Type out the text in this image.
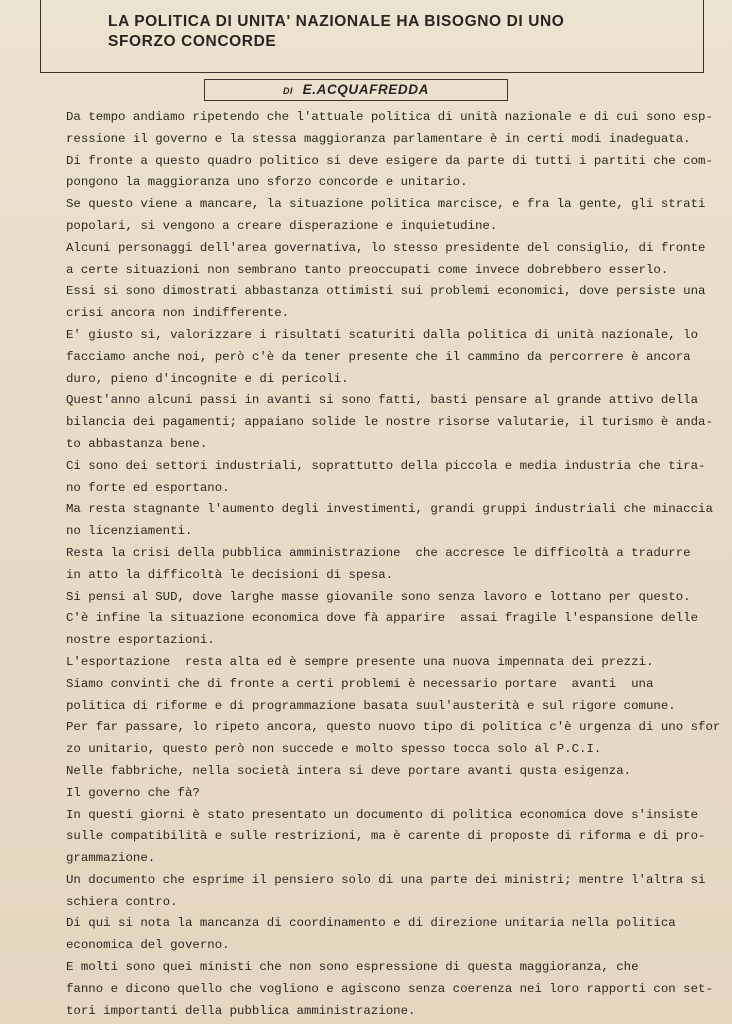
LA POLITICA DI UNITA' NAZIONALE HA BISOGNO DI UNO
SFORZO CONCORDE
DI E.ACQUAFREDDA
Da tempo andiamo ripetendo che l'attuale politica di unità nazionale e di cui sono esp-
ressione il governo e la stessa maggioranza parlamentare è in certi modi inadeguata.
Di fronte a questo quadro politico si deve esigere da parte di tutti i partiti che com-
pongono la maggioranza uno sforzo concorde e unitario.
Se questo viene a mancare, la situazione politica marcisce, e fra la gente, gli strati
popolari, si vengono a creare disperazione e inquietudine.
Alcuni personaggi dell'area governativa, lo stesso presidente del consiglio, di fronte
a certe situazioni non sembrano tanto preoccupati come invece dobrebbero esserlo.
Essi si sono dimostrati abbastanza ottimisti sui problemi economici, dove persiste una
crisi ancora non indifferente.
E' giusto si, valorizzare i risultati scaturiti dalla politica di unità nazionale, lo
facciamo anche noi, però c'è da tener presente che il cammino da percorrere è ancora
duro, pieno d'incognite e di pericoli.
Quest'anno alcuni passi in avanti si sono fatti, basti pensare al grande attivo della
bilancia dei pagamenti; appaiano solide le nostre risorse valutarie, il turismo è anda-
to abbastanza bene.
Ci sono dei settori industriali, soprattutto della piccola e media industria che tira-
no forte ed esportano.
Ma resta stagnante l'aumento degli investimenti, grandi gruppi industriali che minaccia
no licenziamenti.
Resta la crisi della pubblica amministrazione  che accresce le difficoltà a tradurre
in atto la difficoltà le decisioni di spesa.
Si pensi al SUD, dove larghe masse giovanile sono senza lavoro e lottano per questo.
C'è infine la situazione economica dove fà apparire  assai fragile l'espansione delle
nostre esportazioni.
L'esportazione  resta alta ed è sempre presente una nuova impennata dei prezzi.
Siamo convinti che di fronte a certi problemi è necessario portare  avanti  una
politica di riforme e di programmazione basata suul'austerità e sul rigore comune.
Per far passare, lo ripeto ancora, questo nuovo tipo di politica c'è urgenza di uno sfor
zo unitario, questo però non succede e molto spesso tocca solo al P.C.I.
Nelle fabbriche, nella società intera si deve portare avanti qusta esigenza.
Il governo che fà?
In questi giorni è stato presentato un documento di politica economica dove s'insiste
sulle compatibilità e sulle restrizioni, ma è carente di proposte di riforma e di pro-
grammazione.
Un documento che esprime il pensiero solo di una parte dei ministri; mentre l'altra si
schiera contro.
Di qui si nota la mancanza di coordinamento e di direzione unitaria nella politica
economica del governo.
E molti sono quei ministi che non sono espressione di questa maggioranza, che
fanno e dicono quello che vogliono e agiscono senza coerenza nei loro rapporti con set-
tori importanti della pubblica amministrazione.
